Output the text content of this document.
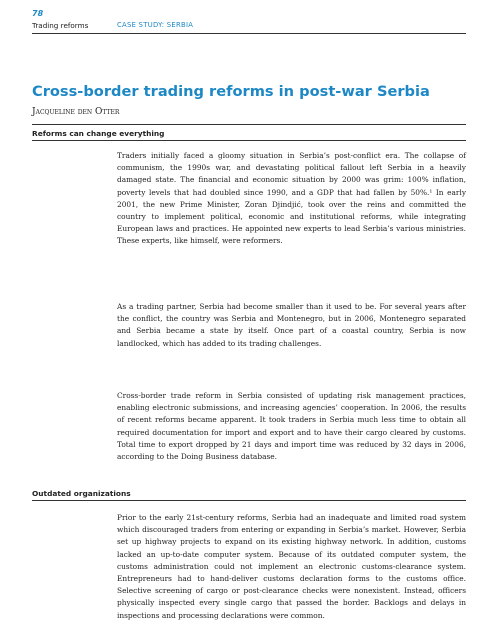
78
Trading reforms	CASE STUDY: SERBIA
Cross-border trading reforms in post-war Serbia
Jacqueline den Otter
Reforms can change everything

Traders initially faced a gloomy situation in Serbia’s post-conflict era. The collapse of communism, the 1990s war, and devastating political fallout left Serbia in a heavily damaged state. The financial and economic situation by 2000 was grim: 100% inflation, poverty levels that had doubled since 1990, and a GDP that had fallen by 50%.¹ In early 2001, the new Prime Minister, Zoran Djindjić, took over the reins and committed the country to implement political, economic and institutional reforms, while integrating European laws and practices. He appointed new experts to lead Serbia’s various ministries. These experts, like himself, were reformers.

As a trading partner, Serbia had become smaller than it used to be. For several years after the conflict, the country was Serbia and Montenegro, but in 2006, Montenegro separated and Serbia became a state by itself. Once part of a coastal country, Serbia is now landlocked, which has added to its trading challenges.

Cross-border trade reform in Serbia consisted of updating risk management practices, enabling electronic submissions, and increasing agencies’ cooperation. In 2006, the results of recent reforms became apparent. It took traders in Serbia much less time to obtain all required documentation for import and export and to have their cargo cleared by customs. Total time to export dropped by 21 days and import time was reduced by 32 days in 2006, according to the Doing Business database.

Outdated organizations

Prior to the early 21st-century reforms, Serbia had an inadequate and limited road system which discouraged traders from entering or expanding in Serbia’s market. However, Serbia set up highway projects to expand on its existing highway network. In addition, customs lacked an up-to-date computer system. Because of its outdated computer system, the customs administration could not implement an electronic customs-clearance system. Entrepreneurs had to hand-deliver customs declaration forms to the customs office. Selective screening of cargo or post-clearance checks were nonexistent. Instead, officers physically inspected every single cargo that passed the border. Backlogs and delays in inspections and processing declarations were common.
